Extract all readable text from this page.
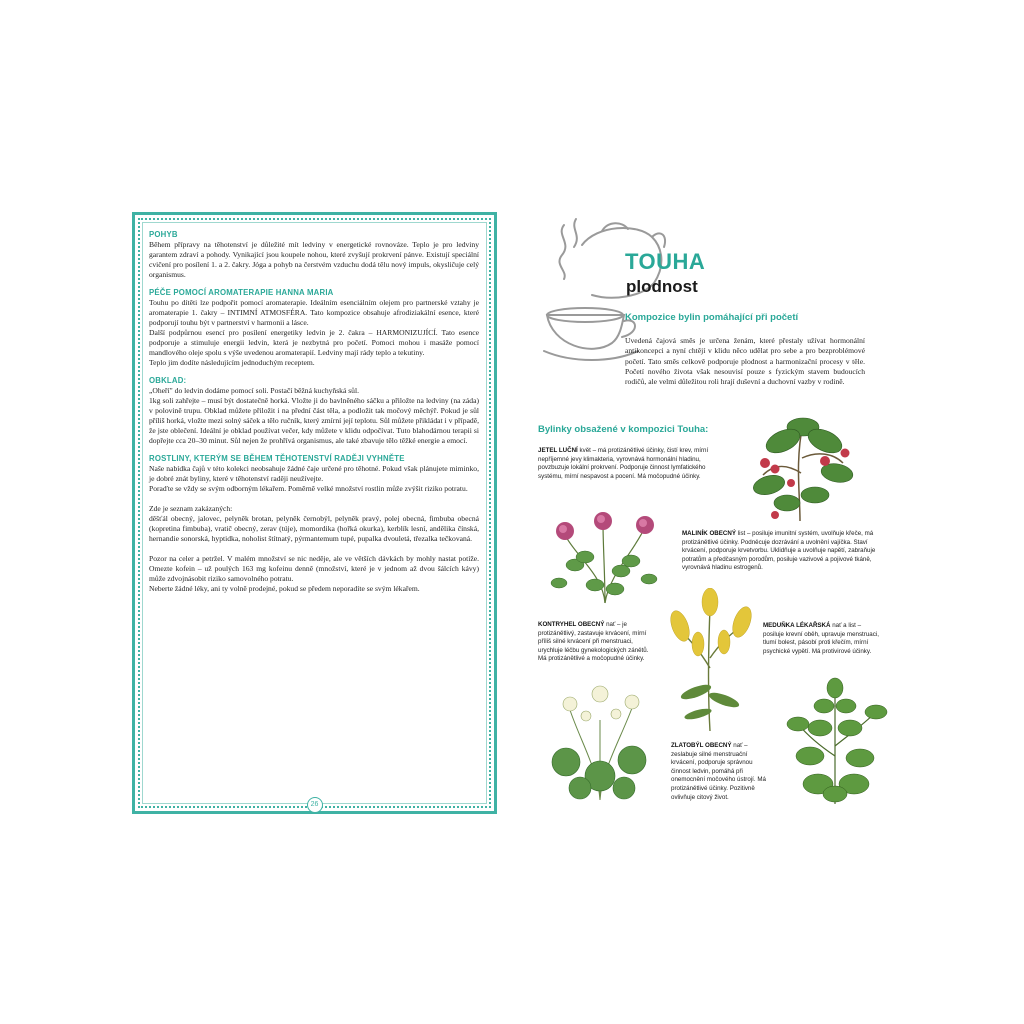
POHYB

Během přípravy na těhotenství je důležité mít ledviny v energetické rovnováze. Teplo je pro ledviny garantem zdraví a pohody. Vynikající jsou koupele nohou, které zvyšují prokrvení pánve. Existují speciální cvičení pro posílení 1. a 2. čakry. Jóga a pohyb na čerstvém vzduchu dodá tělu nový impuls, okysličuje celý organismus.

PÉČE POMOCÍ AROMATERAPIE HANNA MARIA

Touhu po dítěti lze podpořit pomocí aromaterapie. Ideálním esenciálním olejem pro partnerské vztahy je aromaterapie 1. čakry – INTIMNÍ ATMOSFÉRA. Tato kompozice obsahuje afrodiziakální esence, které podporují touhu být v partnerství v harmonii a lásce.
Další podpůrnou esencí pro posílení energetiky ledvin je 2. čakra – HARMONIZUJÍCÍ. Tato esence podporuje a stimuluje energii ledvin, která je nezbytná pro početí. Pomoci mohou i masáže pomocí mandlového oleje spolu s výše uvedenou aromaterapií. Ledviny mají rády teplo a tekutiny.
Teplo jim dodíte následujícím jednoduchým receptem.

OBKLAD:

„Oheří" do ledvin dodáme pomocí soli. Postačí běžná kuchyňská sůl.
1kg soli zahřejte – musí být dostatečně horká. Vložte ji do bavlněného sáčku a přiložte na ledviny (na záda) v polovině trupu. Obklad můžete přiložit i na přední část těla, a podložit tak močový měchýř. Pokud je sůl příliš horká, vložte mezi solný sáček a tělo ručník, který zmírní její teplotu. Sůl můžete přikládat i v případě, že jste oblečení. Ideální je obklad používat večer, kdy můžete v klidu odpočívat. Tuto blahodárnou terapii si dopřejte cca 20–30 minut. Sůl nejen že prohřívá organismus, ale také zbavuje tělo těžké energie a emocí.

ROSTLINY, KTERÝM SE BĚHEM TĚHOTENSTVÍ RADĚJI VYHNĚTE

Naše nabídka čajů v této kolekci neobsahuje žádné čaje určené pro těhotné. Pokud však plánujete miminko, je dobré znát byliny, které v těhotenství raději neužívejte.
Poraďte se vždy se svým odborným lékařem. Poměrně velké množství rostlin může zvýšit riziko potratu.

Zde je seznam zakázaných:
děšťál obecný, jalovec, pelyněk brotan, pelyněk černobýl, pelyněk pravý, polej obecná, fimbuba obecná (kopretina fimbuba), vratič obecný, zerav (túje), momordika (hořká okurka), kerblík lesní, andělika čínská, hernandie sonorská, hyptidka, noholist štítnatý, pýrmantemum tupé, pupalka dvouletá, třezalka tečkovaná.

Pozor na celer a petržel. V malém množství se nic neděje, ale ve větších dávkách by mohly nastat potíže. Omezte kofein – už poulých 163 mg kofeinu denně (množství, které je v jednom až dvou šálcích kávy) může zdvojnásobit riziko samovolného potratu.
Neberte žádné léky, ani ty volně prodejné, pokud se předem neporadíte se svým lékařem.

26
TOUHA
plodnost
Kompozice bylin pomáhající při početí

Uvedená čajová směs je určena ženám, které přestaly užívat hormonální antikoncepci a nyní chtějí v klidu něco udělat pro sebe a pro bezproblémové početí. Tato směs celkově podporuje plodnost a harmonizační procesy v těle. Početí nového života však nesouvisí pouze s fyzickým stavem budoucích rodičů, ale velmi důležitou roli hrají duševní a duchovní vazby v rodině.

Bylinky obsažené v kompozici Touha:

JETEL LUČNÍ květ – má protizánětlivé účinky, čistí krev, mírní nepříjemné jevy klimakteria, vyrovnává hormonální hladinu, povzbuzuje lokální prokrvení. Podporuje činnost lymfatického systému, mírní nespavost a pocení. Má močopudné účinky.

MALINÍK OBECNÝ list – posiluje imunitní systém, uvolňuje křeče, má protizánětlivé účinky. Podněcuje dozrávání a uvolnění vajíčka. Staví krvácení, podporuje krvetvorbu. Uklidňuje a uvolňuje napětí, zabraňuje potratům a předčasným porodům, posiluje vazivové a pojivové tkáně, vyrovnává hladinu estrogenů.

KONTRYHEL OBECNÝ nať – je protizánětlivý, zastavuje krvácení, mírní příliš silné krvácení při menstruaci, urychluje léčbu gynekologických zánětů. Má protizánětlivé a močopudné účinky.

MEDUŇKA LÉKAŘSKÁ nať a list – posiluje krevní oběh, upravuje menstruaci, tlumí bolest, pásobí proti křečím, mírní psychické vypětí. Má protivirové účinky.

ZLATOBÝL OBECNÝ nať – zeslabuje silné menstruační krvácení, podporuje správnou činnost ledvin, pomáhá při onemocnění močového ústrojí. Má protizánětlivé účinky. Pozitivně ovlivňuje citový život.
